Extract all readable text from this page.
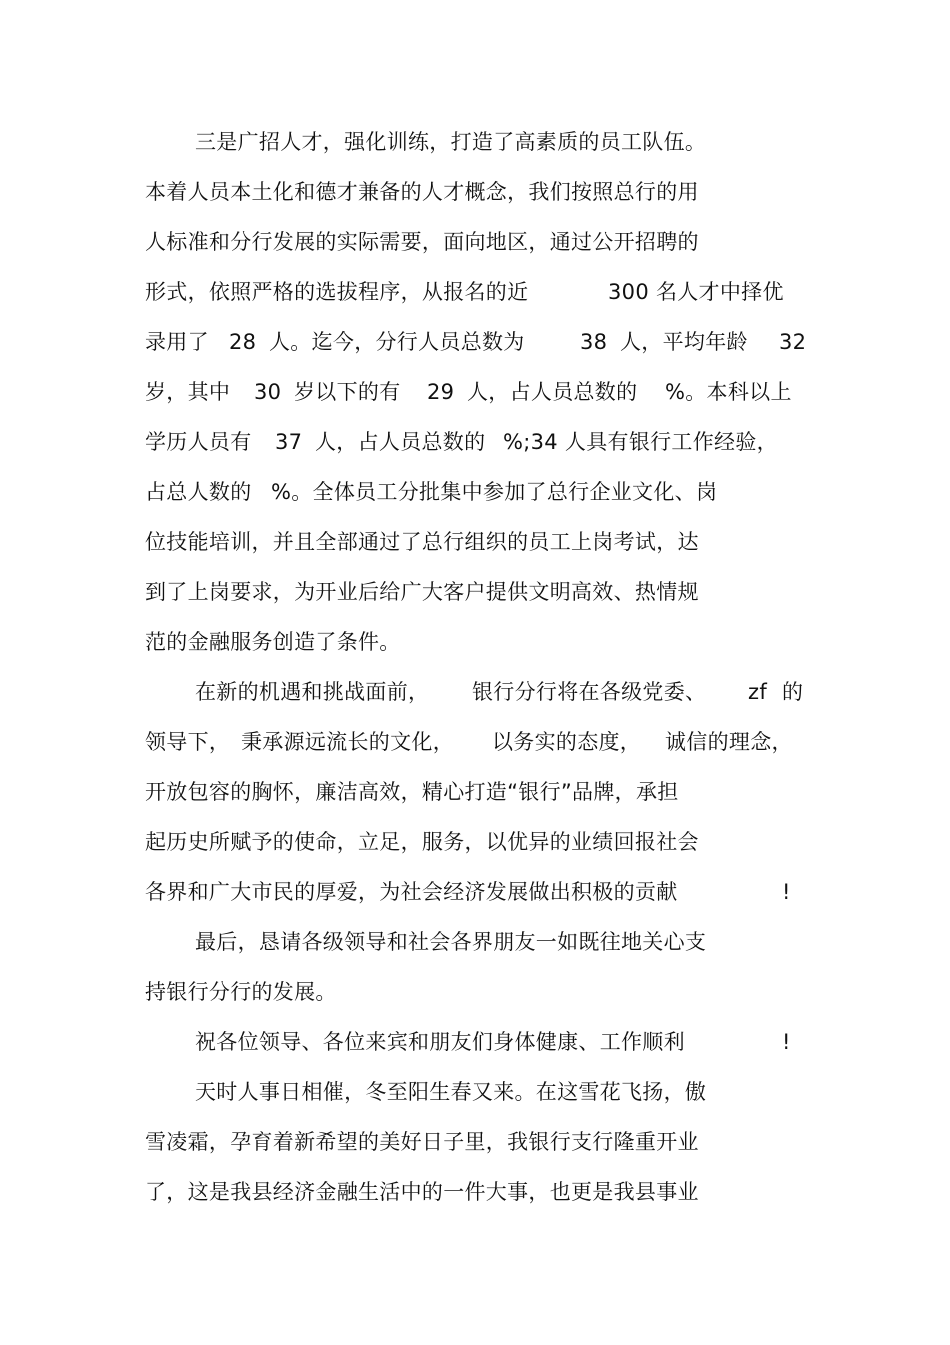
三是广招人才，强化训练，打造了高素质的员工队伍。
本着人员本土化和德才兼备的人才概念，我们按照总行的用
人标准和分行发展的实际需要，面向地区，通过公开招聘的

形式，依照严格的选拔程序，从报名的近

	300 名人才中择优

录用了

28

人。迄今，分行人员总数为

	38

人，平均年龄

32

岁，其中

30

岁以下的有

29

人，占人员总数的

%。本科以上

学历人员有

37

人，占人员总数的

%;34 人具有银行工作经验，

占总人数的

%。全体员工分批集中参加了总行企业文化、岗

位技能培训，并且全部通过了总行组织的员工上岗考试，达
到了上岗要求，为开业后给广大客户提供文明高效、热情规
范的金融服务创造了条件。

在新的机遇和挑战面前，

银行分行将在各级党委、

zf

的

领导下，

秉承源远流长的文化，

以务实的态度，

诚信的理念，

开放包容的胸怀，廉洁高效，精心打造“银行”品牌，承担
起历史所赋予的使命，立足，服务，以优异的业绩回报社会

各界和广大市民的厚爱，为社会经济发展做出积极的贡献

	!

最后，恳请各级领导和社会各界朋友一如既往地关心支
持银行分行的发展。

祝各位领导、各位来宾和朋友们身体健康、工作顺利

	!

天时人事日相催，冬至阳生春又来。在这雪花飞扬，傲
雪凌霜，孕育着新希望的美好日子里，我银行支行隆重开业
了，这是我县经济金融生活中的一件大事，也更是我县事业
